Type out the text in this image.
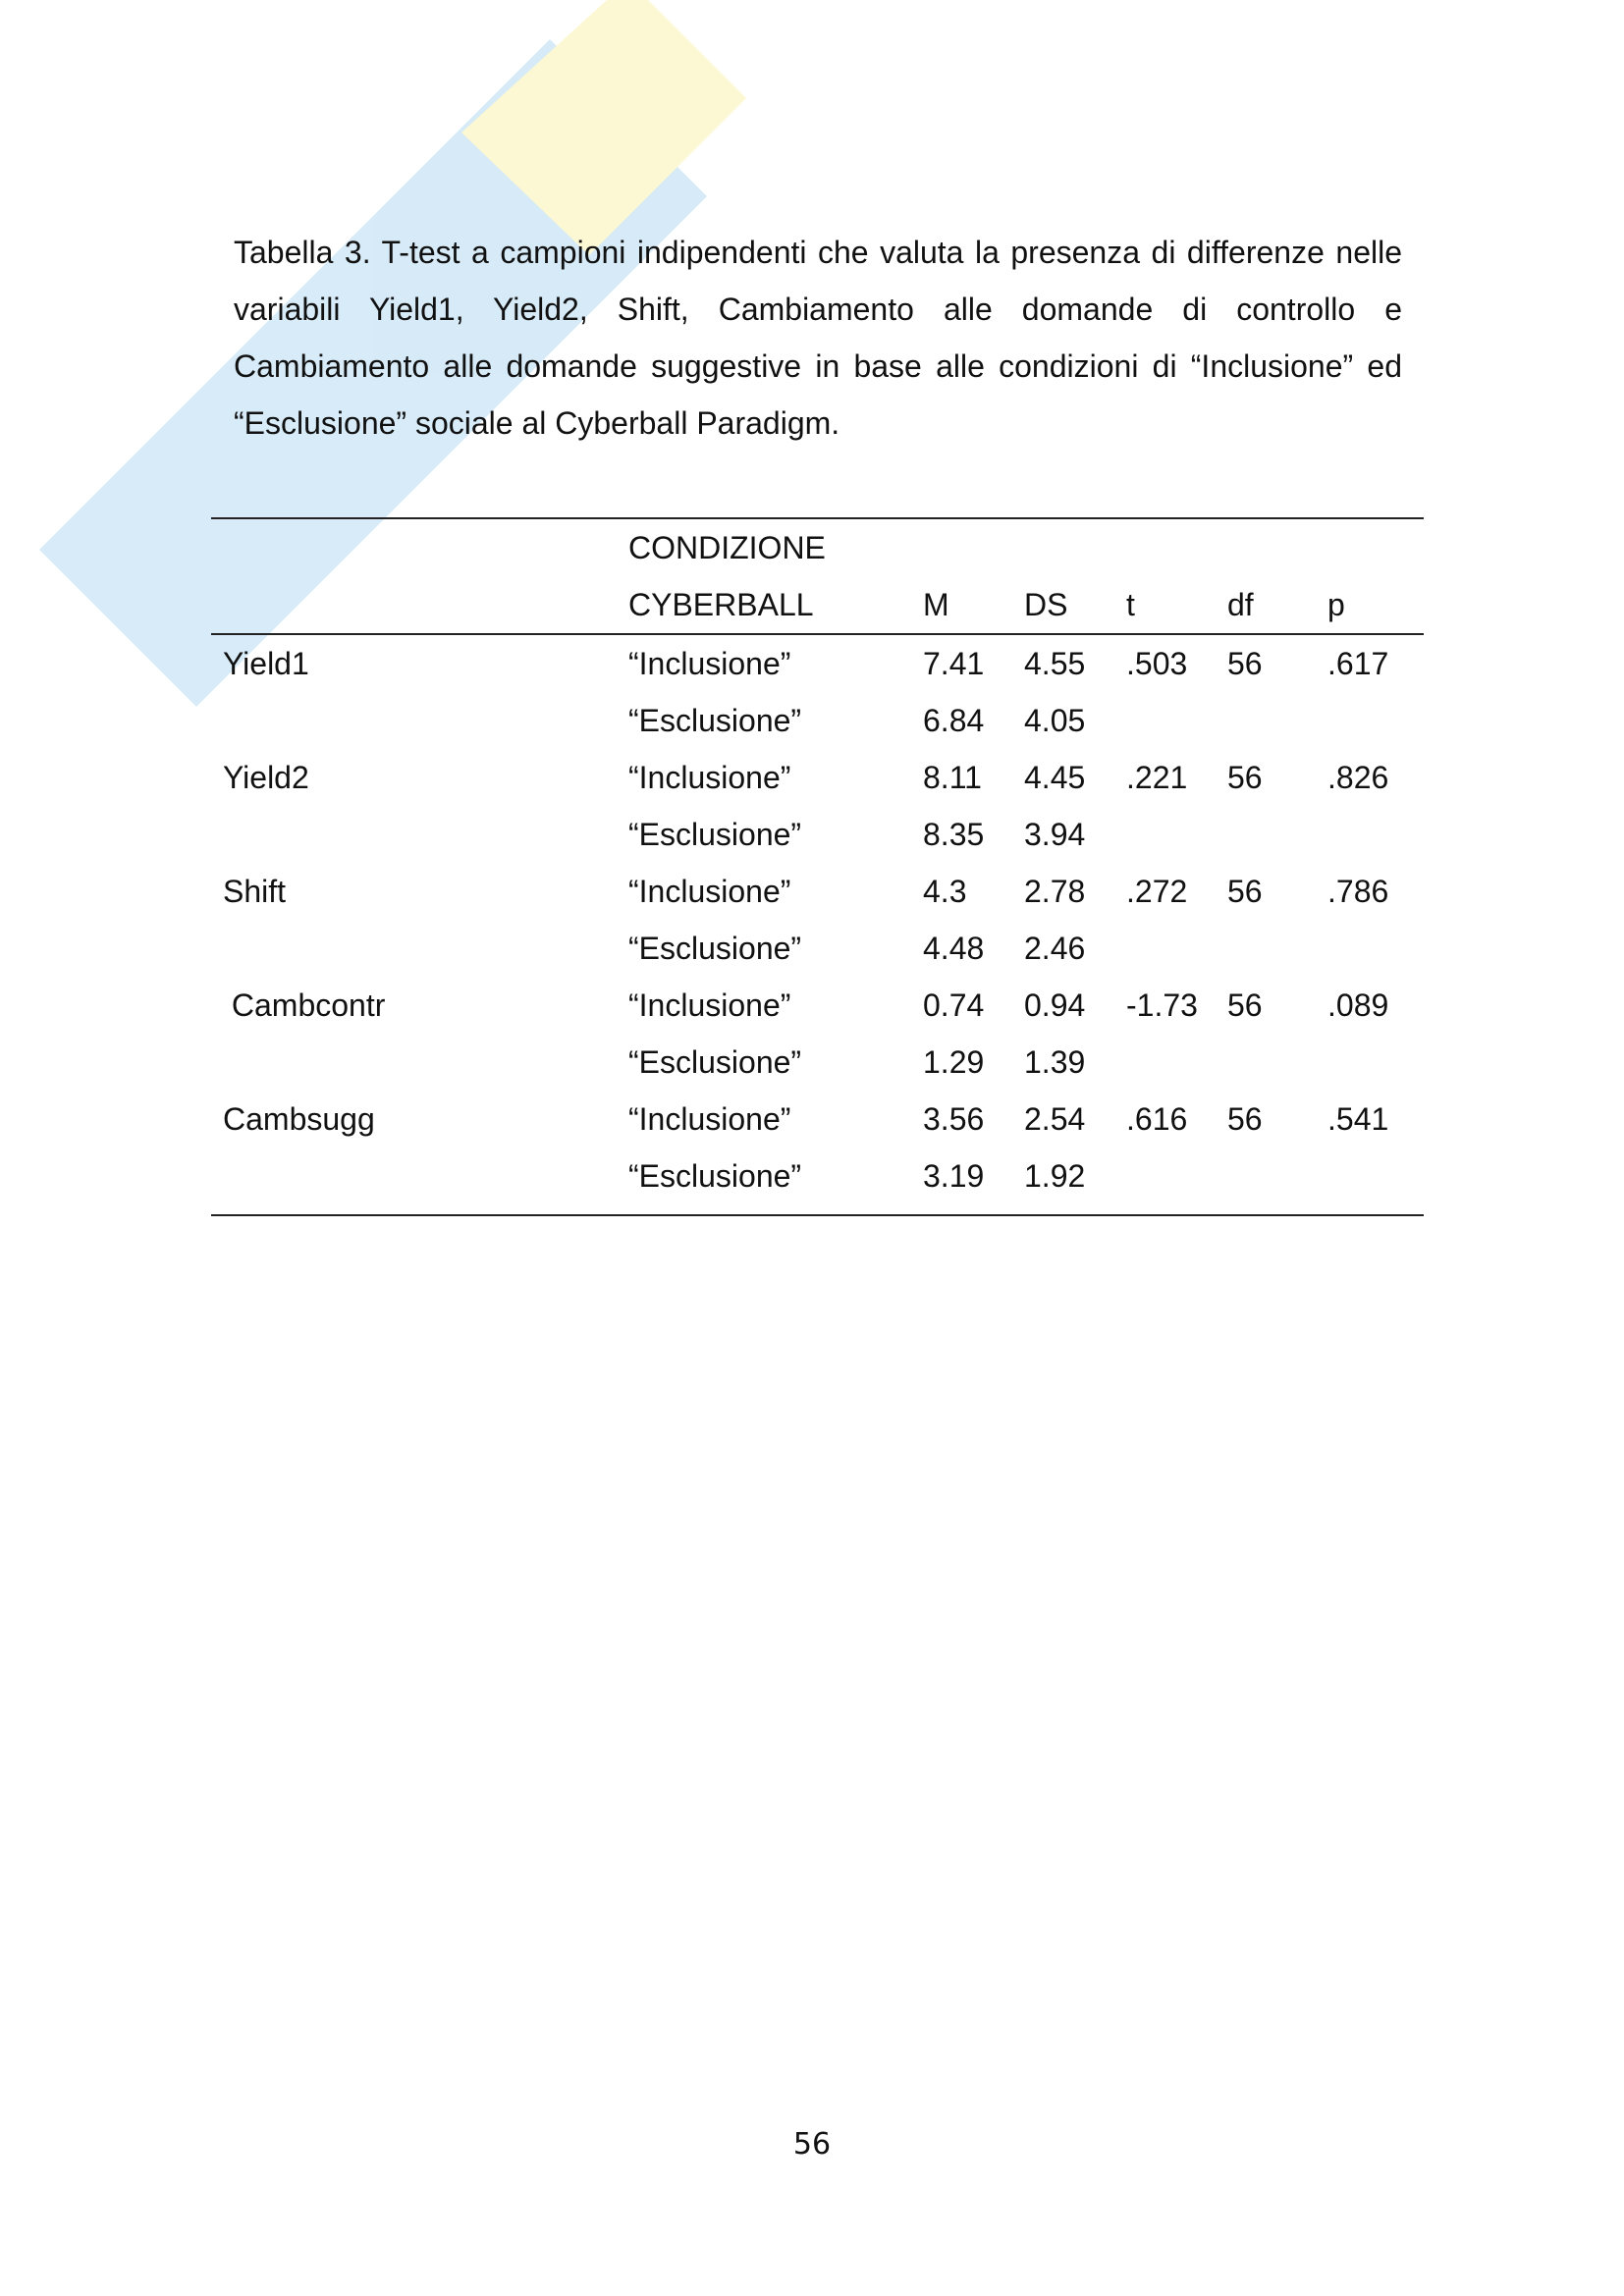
Tabella 3. T-test a campioni indipendenti che valuta la presenza di differenze nelle variabili Yield1, Yield2, Shift, Cambiamento alle domande di controllo e Cambiamento alle domande suggestive in base alle condizioni di “Inclusione” ed “Esclusione” sociale al Cyberball Paradigm.

CONDIZIONE
CYBERBALL	M DS t	df p
Yield1	“Inclusione”	7.41 4.55 .503 56 .617
“Esclusione”	6.84 4.05
Yield2	“Inclusione”	8.11 4.45 .221 56 .826
“Esclusione”	8.35 3.94
Shift	“Inclusione”	4.3 2.78 .272 56 .786
“Esclusione”	4.48 2.46
Cambcontr	“Inclusione”	0.74 0.94 -1.73 56 .089
“Esclusione”	1.29 1.39
Cambsugg	“Inclusione”	3.56 2.54 .616 56 .541
“Esclusione”	3.19 1.92
56
